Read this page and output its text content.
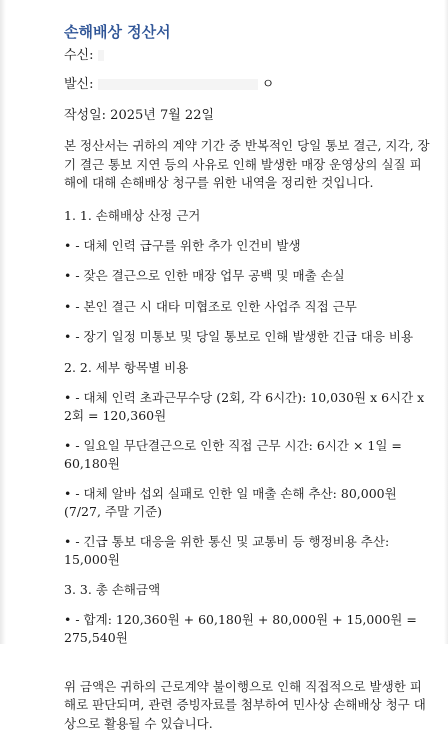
손해배상 정산서
수신:
발신:	ㅇ
작성일: 2025년 7월 22일

본 정산서는 귀하의 계약 기간 중 반복적인 당일 통보 결근, 지각, 장기 결근 통보 지연 등의 사유로 인해 발생한 매장 운영상의 실질 피해에 대해 손해배상 청구를 위한 내역을 정리한 것입니다.

1. 1. 손해배상 산정 근거
• - 대체 인력 급구를 위한 추가 인건비 발생
• - 잦은 결근으로 인한 매장 업무 공백 및 매출 손실
• - 본인 결근 시 대타 미협조로 인한 사업주 직접 근무
• - 장기 일정 미통보 및 당일 통보로 인해 발생한 긴급 대응 비용
2. 2. 세부 항목별 비용
• - 대체 인력 초과근무수당 (2회, 각 6시간): 10,030원 x 6시간 x 2회 = 120,360원
• - 일요일 무단결근으로 인한 직접 근무 시간: 6시간 × 1일 = 60,180원
• - 대체 알바 섭외 실패로 인한 일 매출 손해 추산: 80,000원 (7/27, 주말 기준)
• - 긴급 통보 대응을 위한 통신 및 교통비 등 행정비용 추산: 15,000원
3. 3. 총 손해금액
• - 합계: 120,360원 + 60,180원 + 80,000원 + 15,000원 = 275,540원

위 금액은 귀하의 근로계약 불이행으로 인해 직접적으로 발생한 피해로 판단되며, 관련 증빙자료를 첨부하여 민사상 손해배상 청구 대상으로 활용될 수 있습니다.
